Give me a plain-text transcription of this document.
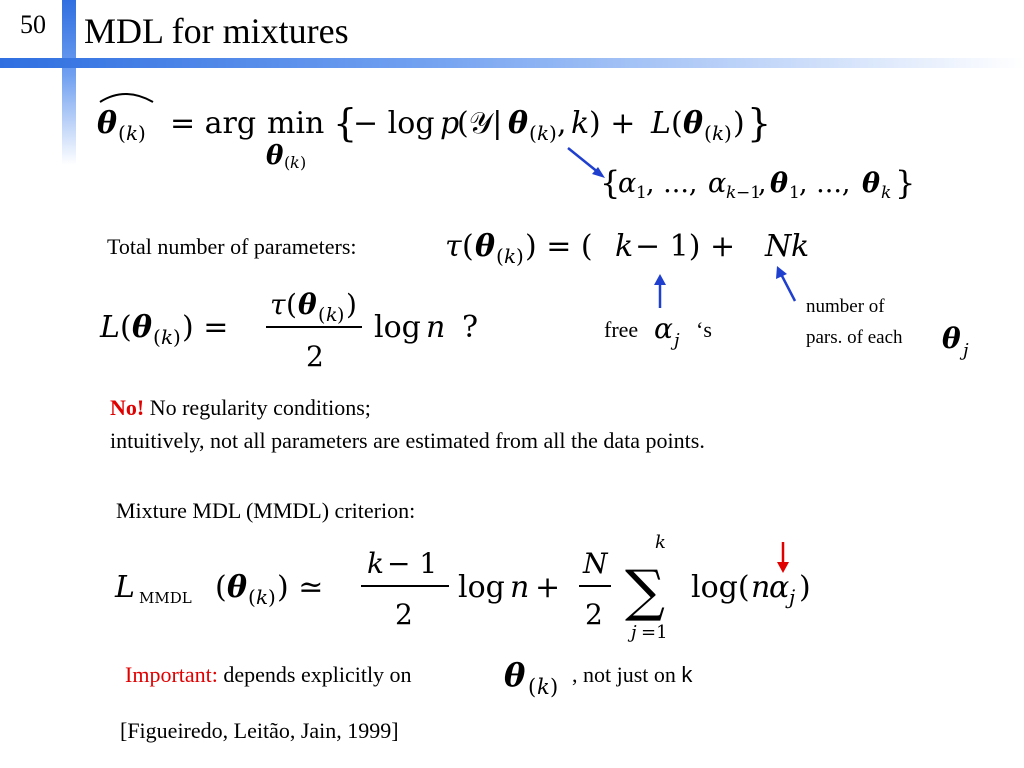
50 MDL for mixtures
θ ( k ) = arg min
θ ( k )
{
− log p
(𝒴| θ ( k ) , k ) + L ( θ ( k ) ) }
{
α 1 , ..., α k −1
, θ 1 , ..., θ k }
Total number of parameters:	τ ( θ ( k ) ) = ( k − 1) + N k
L ( θ ( k ) ) =
τ ( θ ( k ) )
2
log n ?	free α j ‘s
number of
pars. of each θ j
No! No regularity conditions;
intuitively, not all parameters are estimated from all the data points.
Mixture MDL (MMDL) criterion:
L MMDL ( θ ( k ) ) ≃
k − 1
2
log n +
N
2
k
∑
j =1
log( n
α j )
Important: depends explicitly on	θ ( k ) , not just on k
[Figueiredo, Leitão, Jain, 1999]
